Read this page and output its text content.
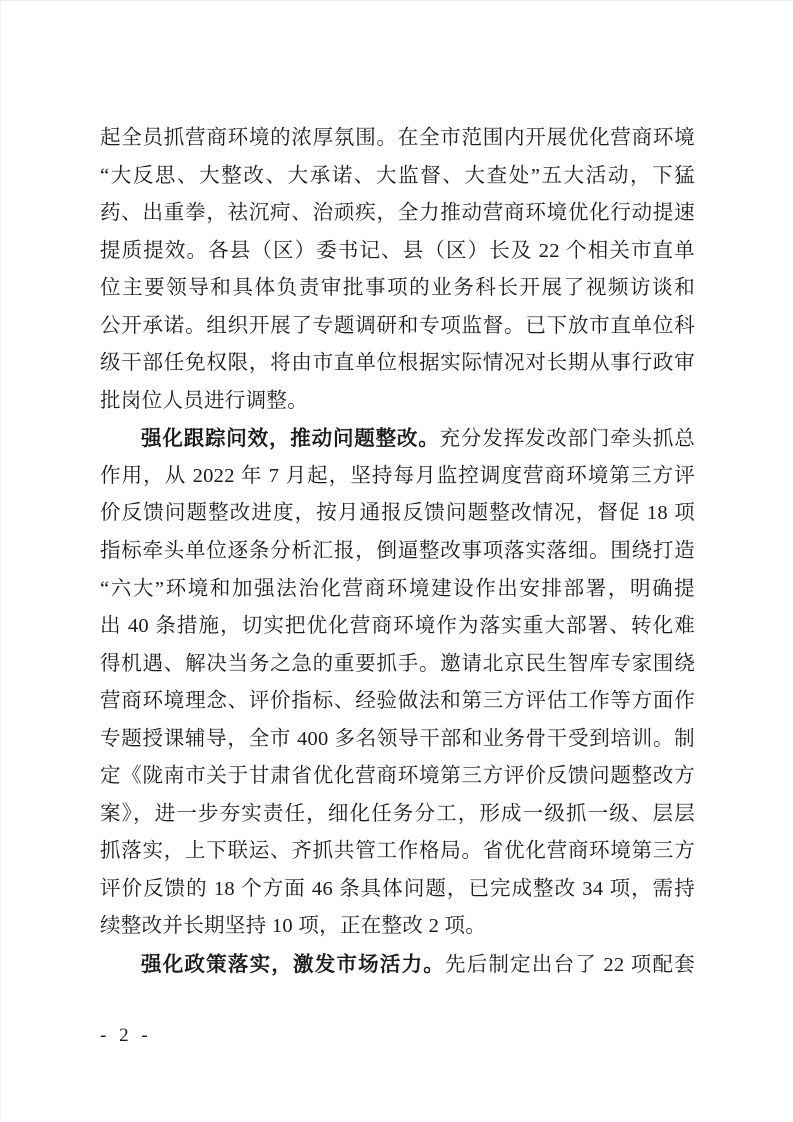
起全员抓营商环境的浓厚氛围。在全市范围内开展优化营商环境

“大反思、大整改、大承诺、大监督、大查处”五大活动，下猛

药、出重拳，祛沉疴、治顽疾，全力推动营商环境优化行动提速

提质提效。各县（区）委书记、县（区）长及 22 个相关市直单

位主要领导和具体负责审批事项的业务科长开展了视频访谈和

公开承诺。组织开展了专题调研和专项监督。已下放市直单位科

级干部任免权限，将由市直单位根据实际情况对长期从事行政审

批岗位人员进行调整。

强化跟踪问效，推动问题整改。充分发挥发改部门牵头抓总

作用，从 2022 年 7 月起，坚持每月监控调度营商环境第三方评

价反馈问题整改进度，按月通报反馈问题整改情况，督促 18 项

指标牵头单位逐条分析汇报，倒逼整改事项落实落细。围绕打造

“六大”环境和加强法治化营商环境建设作出安排部署，明确提

出 40 条措施，切实把优化营商环境作为落实重大部署、转化难

得机遇、解决当务之急的重要抓手。邀请北京民生智库专家围绕

营商环境理念、评价指标、经验做法和第三方评估工作等方面作

专题授课辅导，全市 400 多名领导干部和业务骨干受到培训。制

定《陇南市关于甘肃省优化营商环境第三方评价反馈问题整改方

案》，进一步夯实责任，细化任务分工，形成一级抓一级、层层

抓落实，上下联运、齐抓共管工作格局。省优化营商环境第三方

评价反馈的 18 个方面 46 条具体问题，已完成整改 34 项，需持

续整改并长期坚持 10 项，正在整改 2 项。

强化政策落实，激发市场活力。先后制定出台了 22 项配套

- 2 -
